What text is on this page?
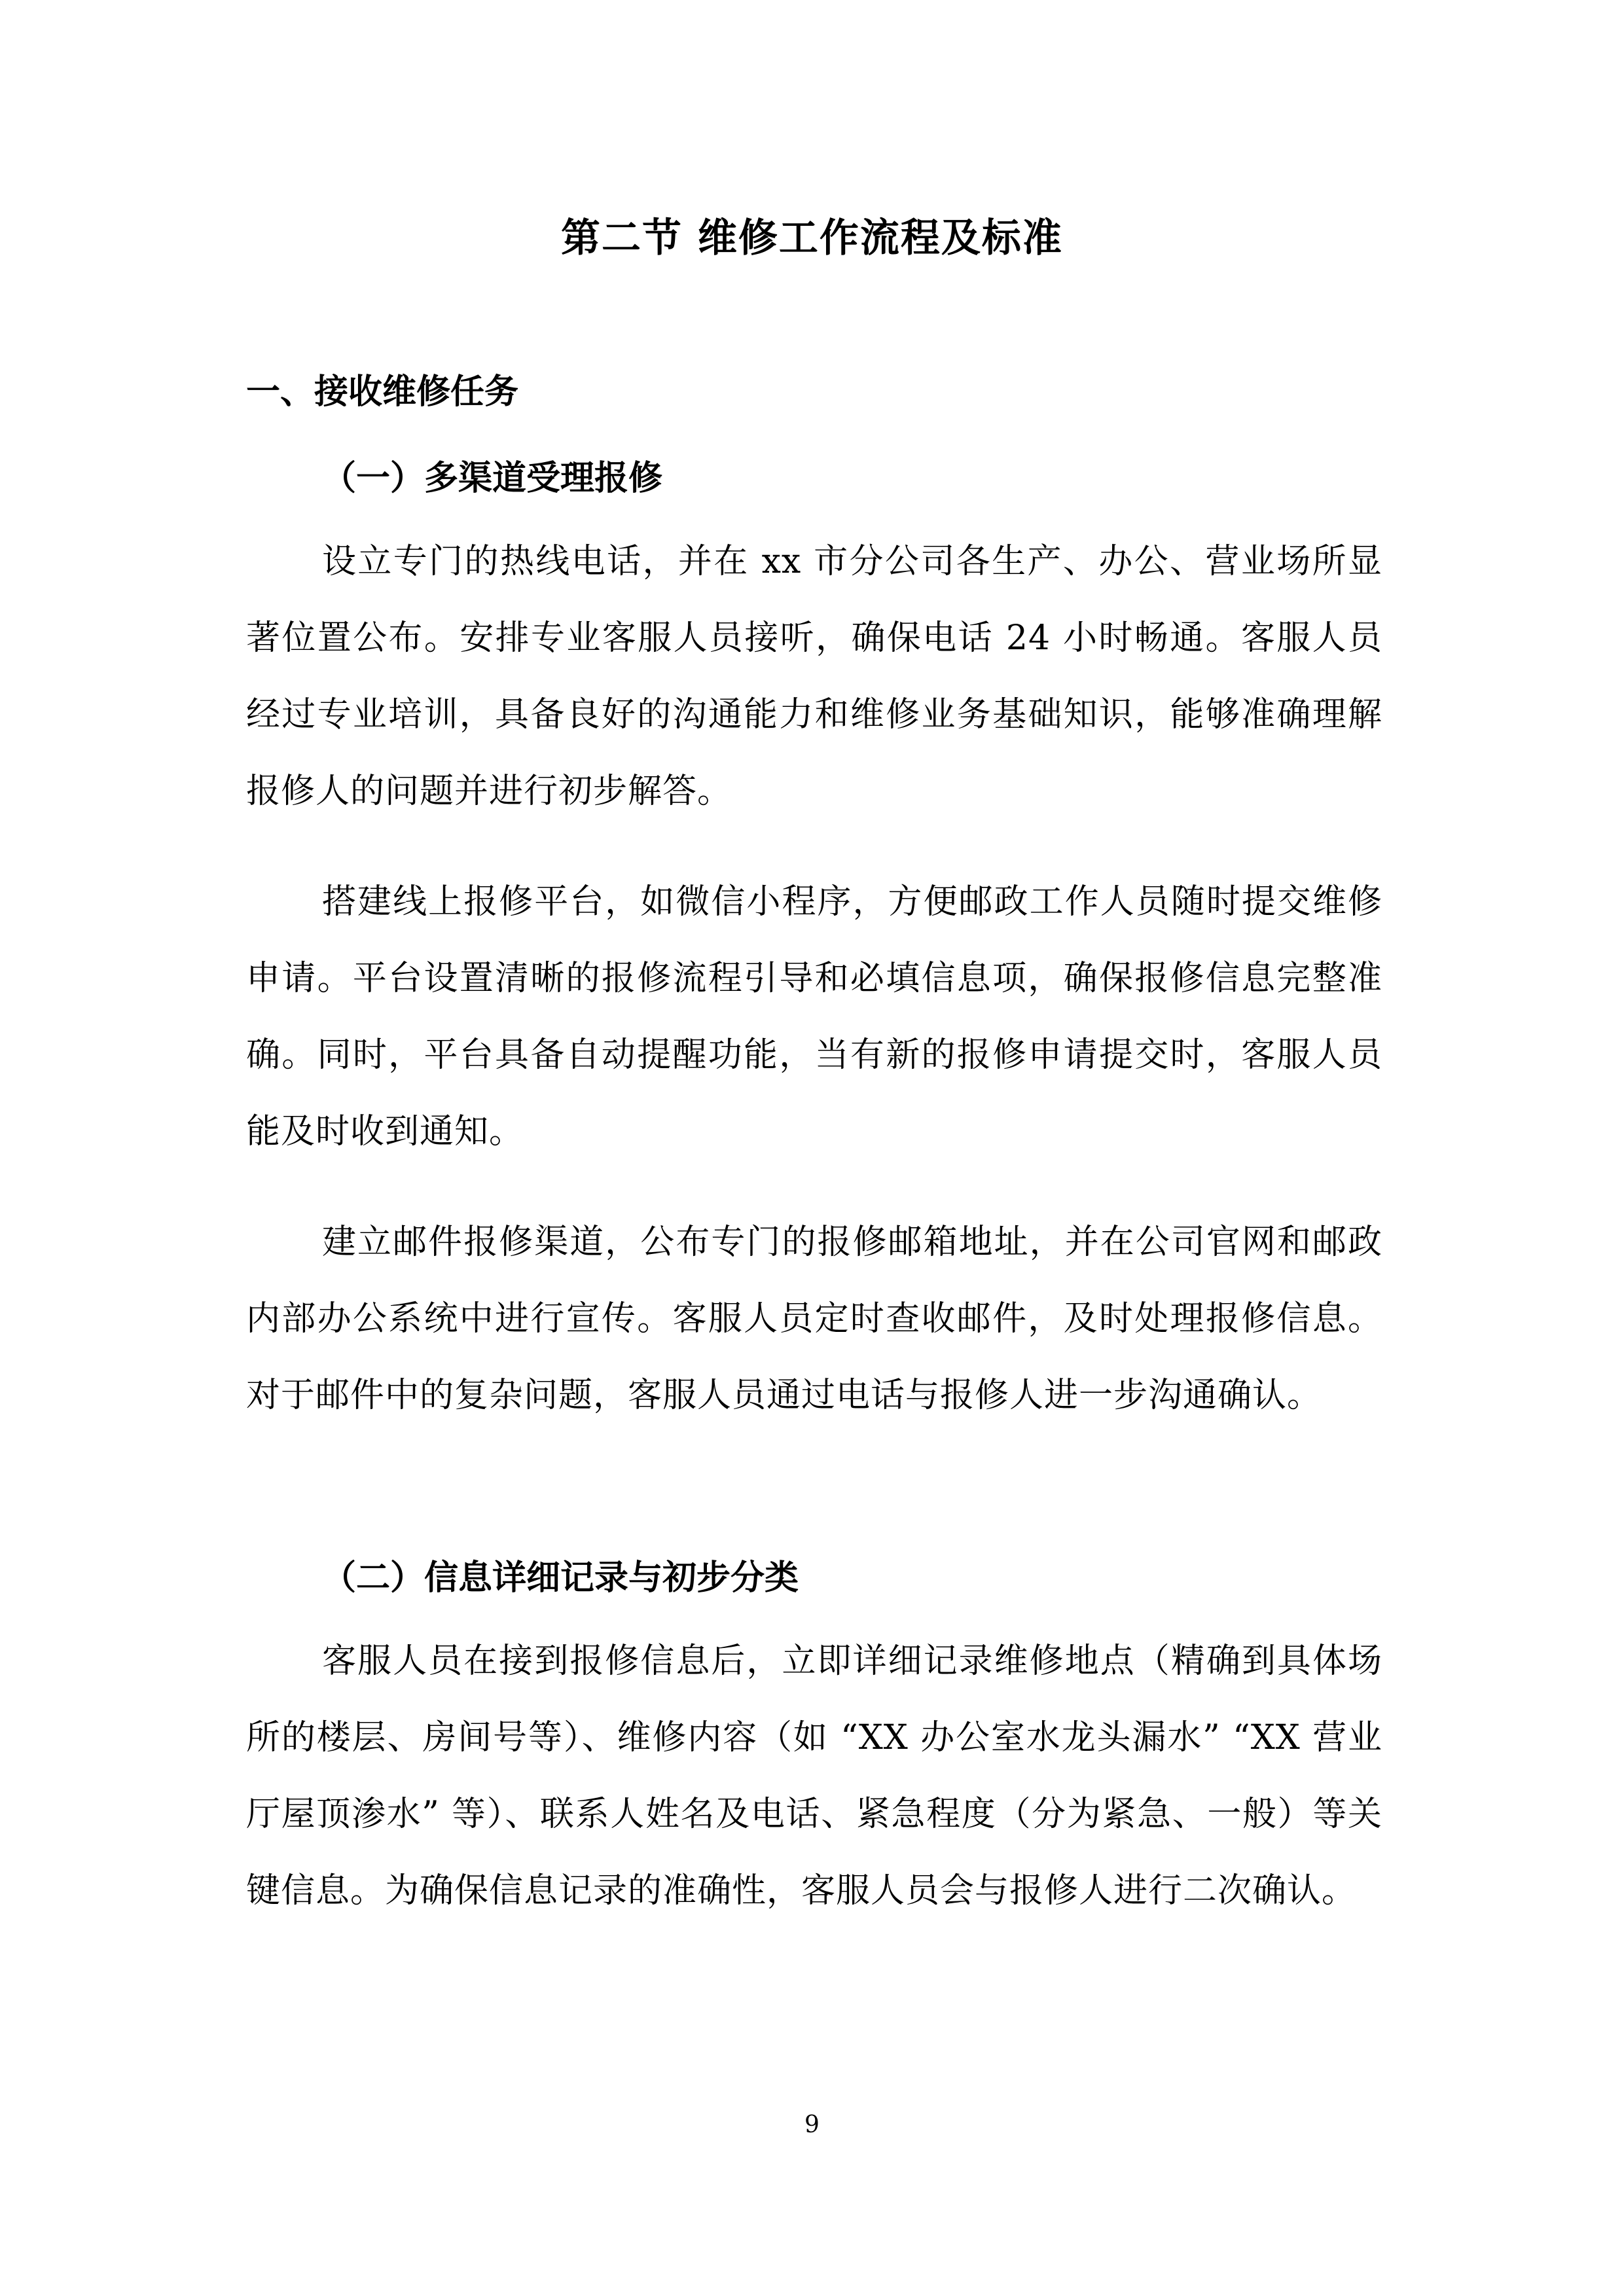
第二节 维修工作流程及标准
一、接收维修任务
（一）多渠道受理报修

设立专门的热线电话，并在 xx 市分公司各生产、办公、营业场所显著位置公布。安排专业客服人员接听，确保电话 24 小时畅通。客服人员经过专业培训，具备良好的沟通能力和维修业务基础知识，能够准确理解报修人的问题并进行初步解答。

搭建线上报修平台，如微信小程序，方便邮政工作人员随时提交维修申请。平台设置清晰的报修流程引导和必填信息项，确保报修信息完整准确。同时，平台具备自动提醒功能，当有新的报修申请提交时，客服人员能及时收到通知。

建立邮件报修渠道，公布专门的报修邮箱地址，并在公司官网和邮政内部办公系统中进行宣传。客服人员定时查收邮件，及时处理报修信息。对于邮件中的复杂问题，客服人员通过电话与报修人进一步沟通确认。

（二）信息详细记录与初步分类

客服人员在接到报修信息后，立即详细记录维修地点（精确到具体场所的楼层、房间号等）、维修内容（如 “XX 办公室水龙头漏水” “XX 营业厅屋顶渗水” 等）、联系人姓名及电话、紧急程度（分为紧急、一般）等关键信息。为确保信息记录的准确性，客服人员会与报修人进行二次确认。

9
